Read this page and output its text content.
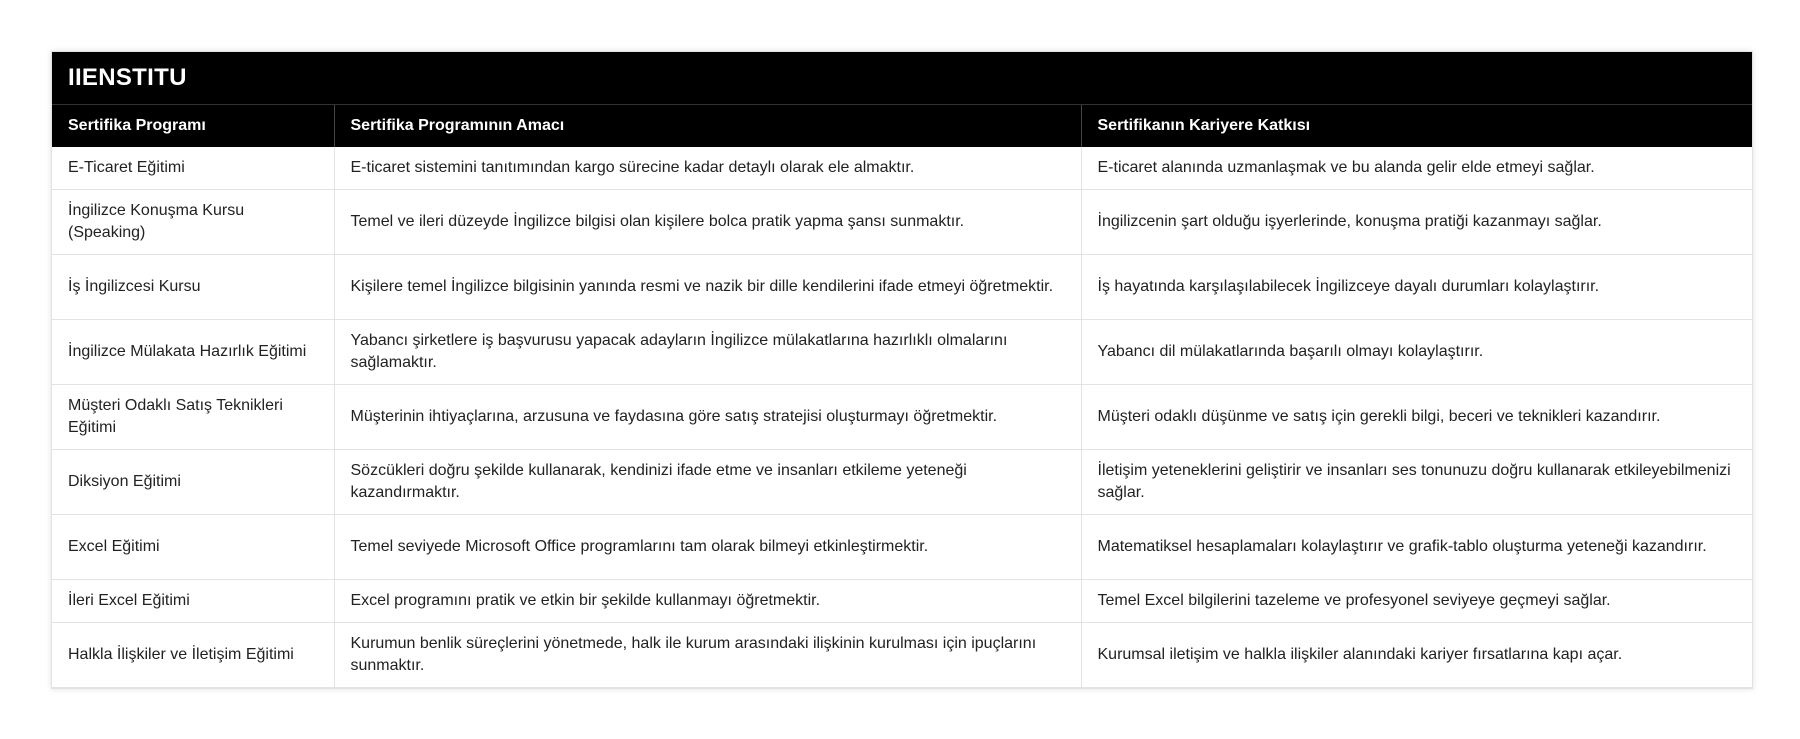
IIENSTITU
Sertifika Programı	Sertifika Programının Amacı	Sertifikanın Kariyere Katkısı
E-Ticaret Eğitimi	E-ticaret sistemini tanıtımından kargo sürecine kadar detaylı olarak ele almaktır.	E-ticaret alanında uzmanlaşmak ve bu alanda gelir elde etmeyi sağlar.
İngilizce Konuşma Kursu (Speaking)	Temel ve ileri düzeyde İngilizce bilgisi olan kişilere bolca pratik yapma şansı sunmaktır.	İngilizcenin şart olduğu işyerlerinde, konuşma pratiği kazanmayı sağlar.
İş İngilizcesi Kursu	Kişilere temel İngilizce bilgisinin yanında resmi ve nazik bir dille kendilerini ifade etmeyi öğretmektir.	İş hayatında karşılaşılabilecek İngilizceye dayalı durumları kolaylaştırır.
İngilizce Mülakata Hazırlık Eğitimi	Yabancı şirketlere iş başvurusu yapacak adayların İngilizce mülakatlarına hazırlıklı olmalarını sağlamaktır.	Yabancı dil mülakatlarında başarılı olmayı kolaylaştırır.
Müşteri Odaklı Satış Teknikleri Eğitimi	Müşterinin ihtiyaçlarına, arzusuna ve faydasına göre satış stratejisi oluşturmayı öğretmektir.	Müşteri odaklı düşünme ve satış için gerekli bilgi, beceri ve teknikleri kazandırır.
Diksiyon Eğitimi	Sözcükleri doğru şekilde kullanarak, kendinizi ifade etme ve insanları etkileme yeteneği kazandırmaktır.	İletişim yeteneklerini geliştirir ve insanları ses tonunuzu doğru kullanarak etkileyebilmenizi sağlar.
Excel Eğitimi	Temel seviyede Microsoft Office programlarını tam olarak bilmeyi etkinleştirmektir.	Matematiksel hesaplamaları kolaylaştırır ve grafik-tablo oluşturma yeteneği kazandırır.
İleri Excel Eğitimi	Excel programını pratik ve etkin bir şekilde kullanmayı öğretmektir.	Temel Excel bilgilerini tazeleme ve profesyonel seviyeye geçmeyi sağlar.
Halkla İlişkiler ve İletişim Eğitimi	Kurumun benlik süreçlerini yönetmede, halk ile kurum arasındaki ilişkinin kurulması için ipuçlarını sunmaktır.	Kurumsal iletişim ve halkla ilişkiler alanındaki kariyer fırsatlarına kapı açar.
